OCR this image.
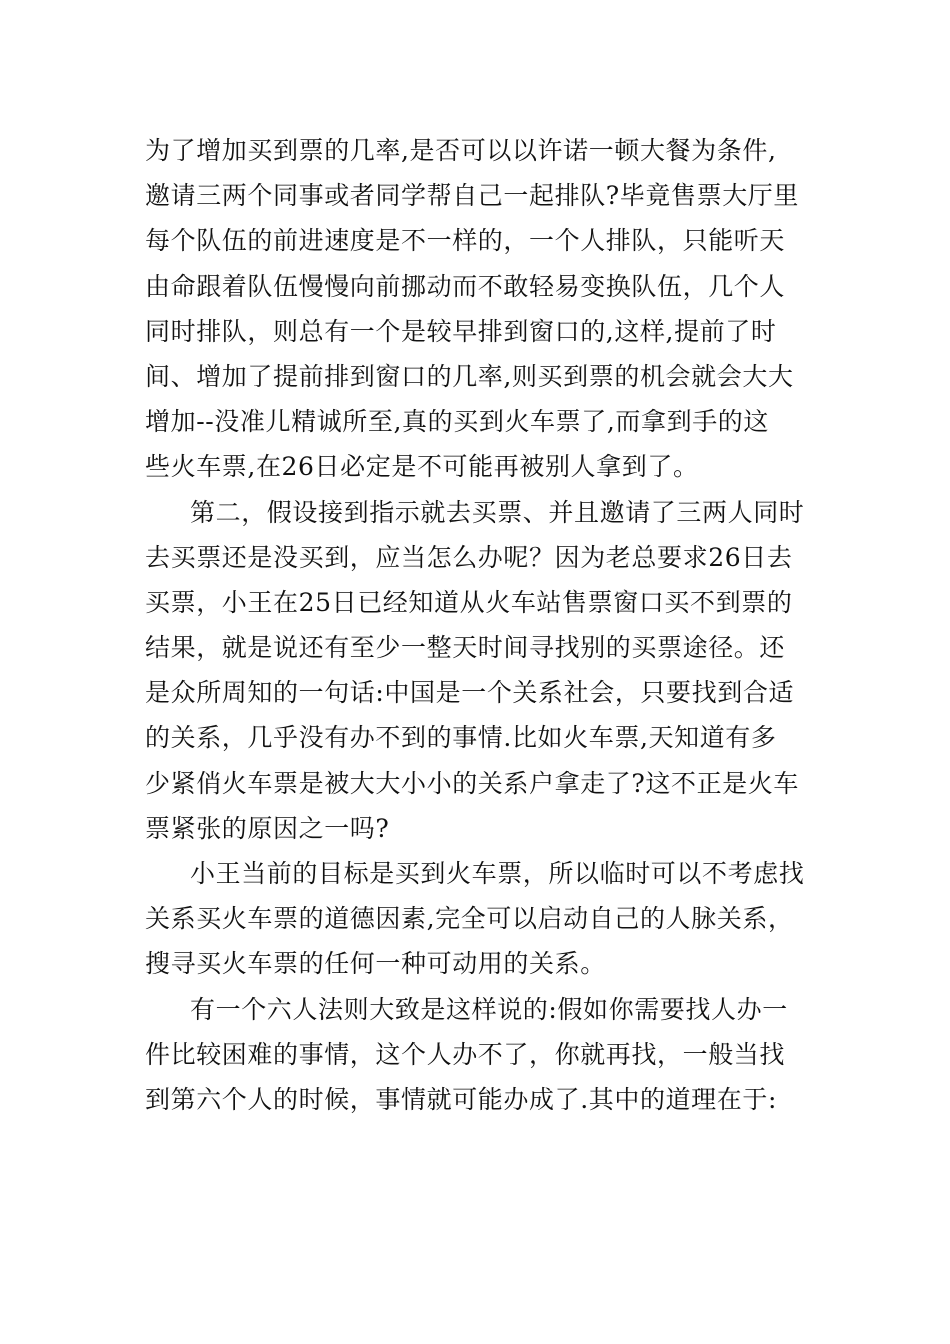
为了增加买到票的几率,是否可以以许诺一顿大餐为条件,
邀请三两个同事或者同学帮自己一起排队?毕竟售票大厅里
每个队伍的前进速度是不一样的，一个人排队，只能听天
由命跟着队伍慢慢向前挪动而不敢轻易变换队伍，几个人
同时排队，则总有一个是较早排到窗口的,这样,提前了时
间、增加了提前排到窗口的几率,则买到票的机会就会大大
增加--没准儿精诚所至,真的买到火车票了,而拿到手的这
些火车票,在26日必定是不可能再被别人拿到了。
第二，假设接到指示就去买票、并且邀请了三两人同时
去买票还是没买到，应当怎么办呢？因为老总要求26日去
买票，小王在25日已经知道从火车站售票窗口买不到票的
结果，就是说还有至少一整天时间寻找别的买票途径。还
是众所周知的一句话:中国是一个关系社会，只要找到合适
的关系，几乎没有办不到的事情.比如火车票,天知道有多
少紧俏火车票是被大大小小的关系户拿走了?这不正是火车
票紧张的原因之一吗?
小王当前的目标是买到火车票，所以临时可以不考虑找
关系买火车票的道德因素,完全可以启动自己的人脉关系，
搜寻买火车票的任何一种可动用的关系。
有一个六人法则大致是这样说的:假如你需要找人办一
件比较困难的事情，这个人办不了，你就再找，一般当找
到第六个人的时候，事情就可能办成了.其中的道理在于:
